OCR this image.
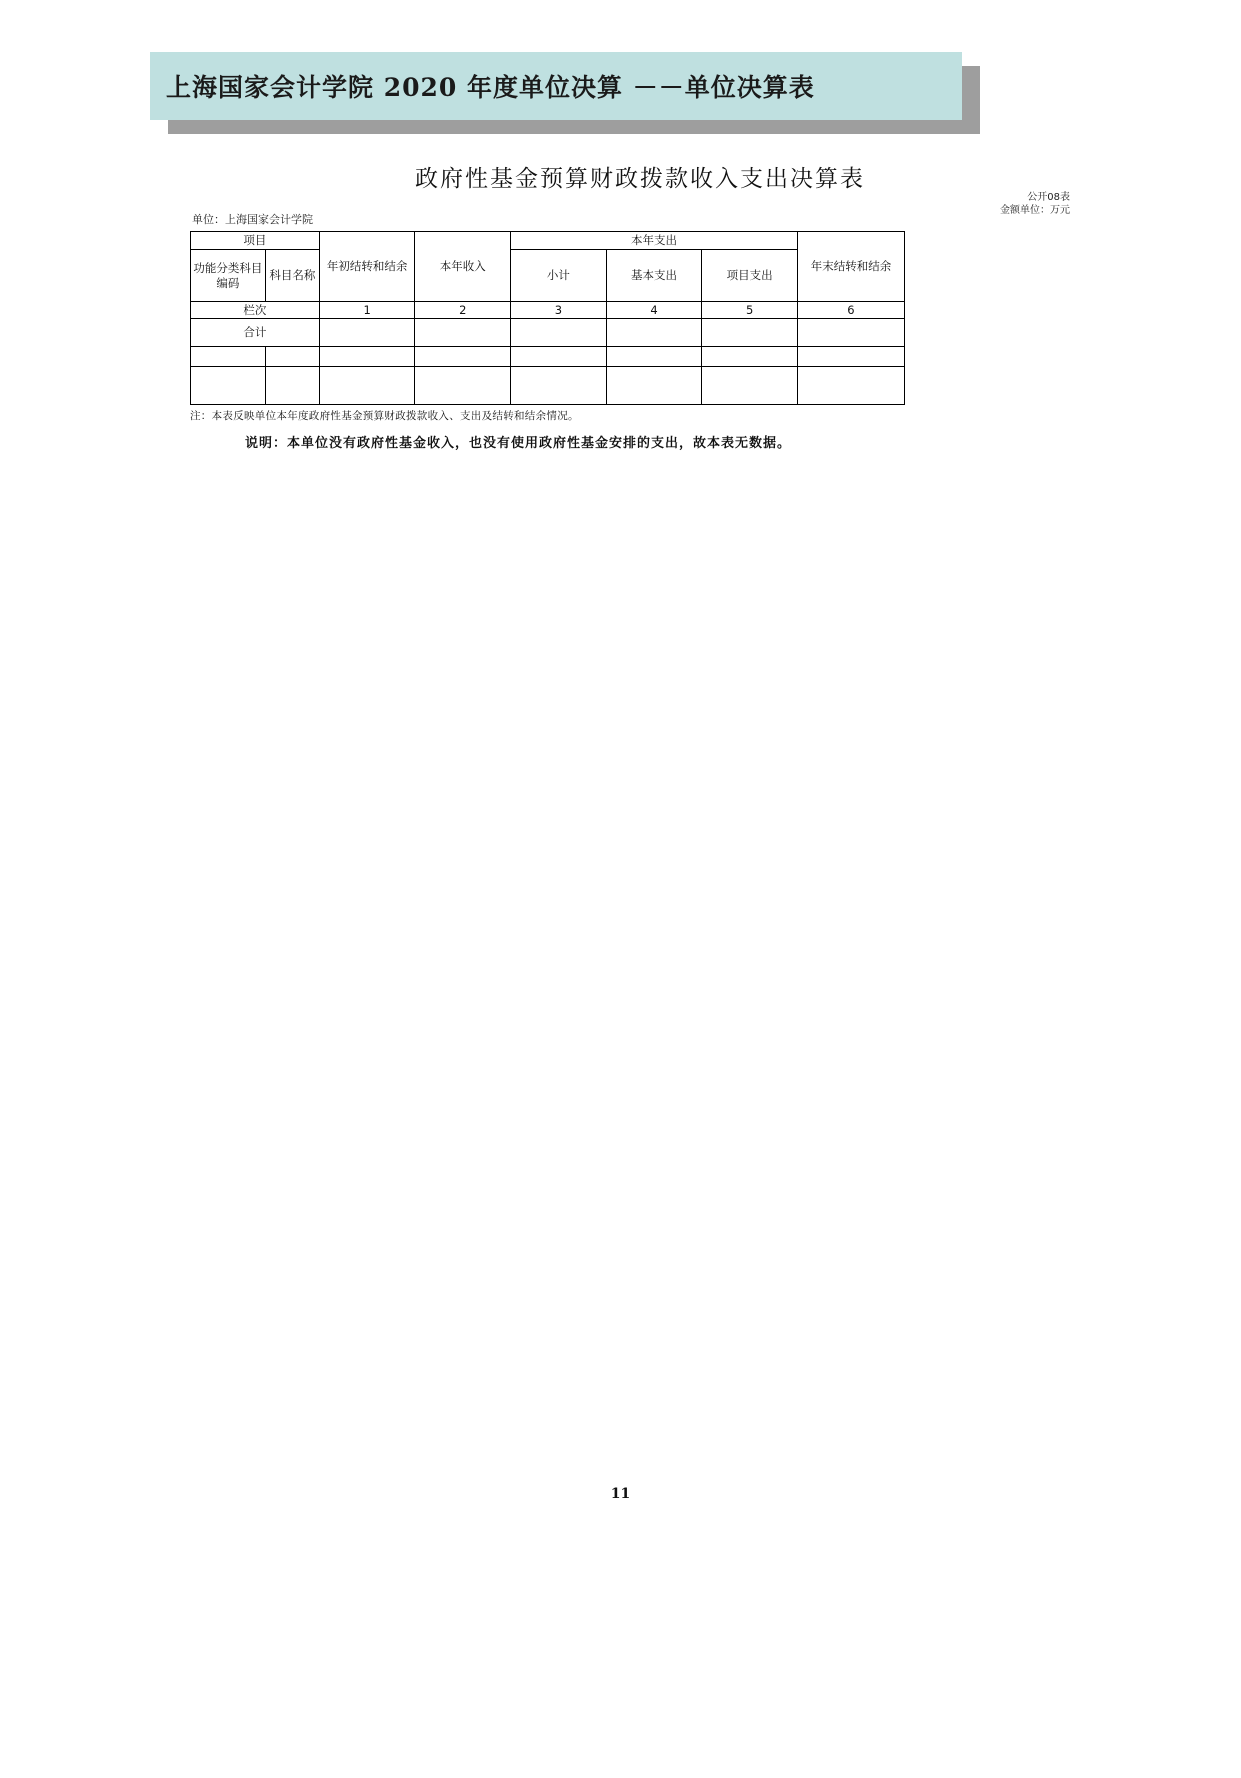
上海国家会计学院 2020 年度单位决算 －－单位决算表
政府性基金预算财政拨款收入支出决算表
单位：上海国家会计学院
公开08表
金额单位：万元
项目		年初结转和结余	本年收入	本年支出			年末结转和结余
功能分类科目编码	科目名称			小计	基本支出	项目支出	
栏次		1	2	3	4	5	6
合计							

注：本表反映单位本年度政府性基金预算财政拨款收入、支出及结转和结余情况。
说明：本单位没有政府性基金收入，也没有使用政府性基金安排的支出，故本表无数据。
11
